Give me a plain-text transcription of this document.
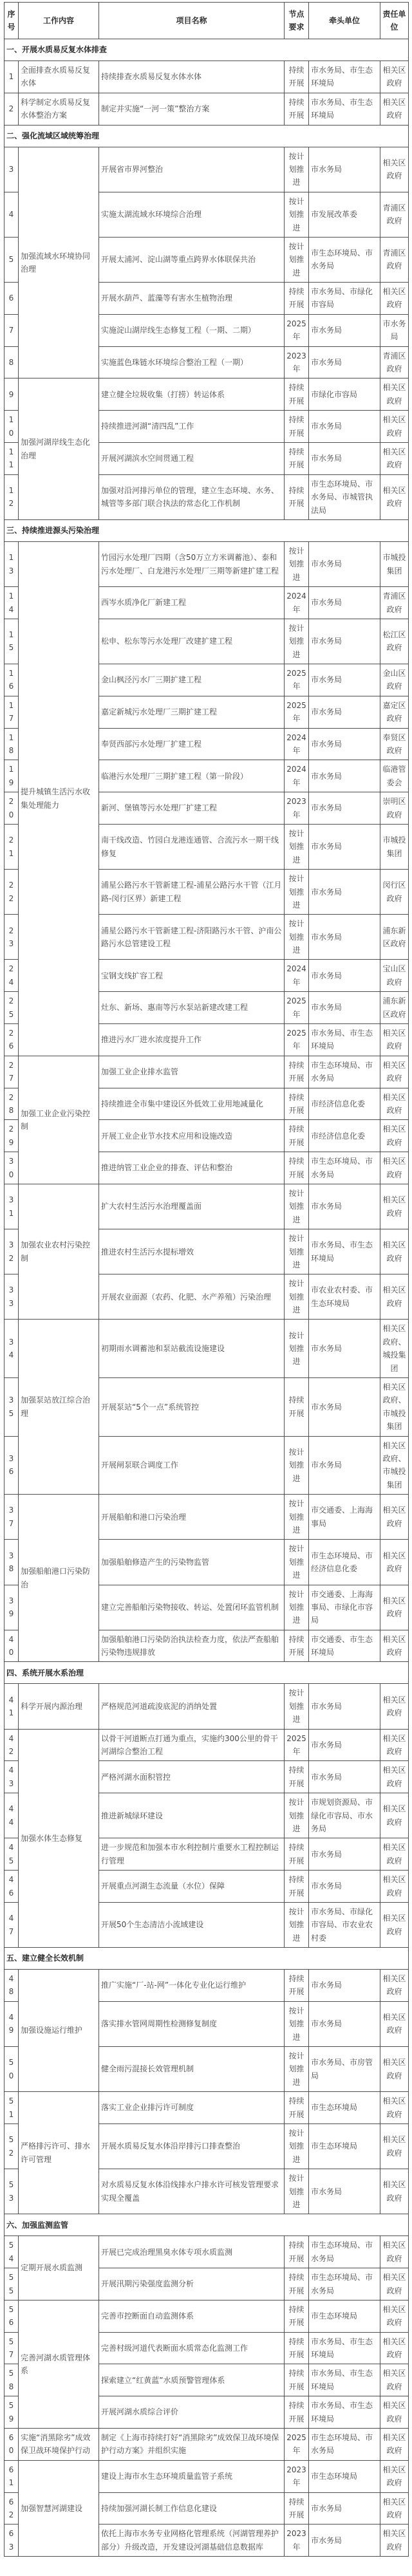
序号	工作内容	项目名称	节点要求	牵头单位	责任单位
一、开展水质易反复水体排查					
1	全面排查水质易反复水体	持续排查水质易反复水体水体	持续开展	市水务局、市生态环境局	相关区政府
2	科学制定水质易反复水体整治方案	制定并实施“一河一策”整治方案	持续开展	市水务局、市生态环境局	相关区政府
二、强化流域区域统筹治理					
3	加强流域水环境协同治理	开展省市界河整治	按计划推进	市水务局	相关区政府
4		实施太湖流域水环境综合治理	按计划推进	市发展改革委	青浦区政府
5		开展太浦河、淀山湖等重点跨界水体联保共治	按计划推进	市生态环境局、市水务局	青浦区政府
6		开展水葫芦、蓝藻等有害水生植物治理	持续开展	市水务局、市绿化市容局	相关区政府
7		实施淀山湖岸线生态修复工程（一期、二期）	2025年	市水务局	市水务局
8		实施蓝色珠链水环境综合整治工程（一期）	2023年	市水务局	青浦区政府
9	加强河湖岸线生态化治理	建立健全垃圾收集（打捞）转运体系	持续开展	市绿化市容局	相关区政府
10		持续推进河湖“清四乱”工作	持续开展	市水务局	相关区政府
11		开展河湖滨水空间贯通工程	持续开展	市水务局	相关区政府
12		加强对沿河排污单位的管理，建立生态环境、水务、城管等多部门联合执法的常态化工作机制	持续开展	市生态环境局、市水务局、市城管执法局	相关区政府
三、持续推进源头污染治理					
13	提升城镇生活污水收集处理能力	竹园污水处理厂四期（含50万立方米调蓄池）、泰和污水处理厂、白龙港污水处理厂三期等新建扩建工程	按计划推进	市水务局	市城投集团
14		西岑水质净化厂新建工程	2024年	市水务局	青浦区政府
15		松申、松东等污水处理厂改建扩建工程	按计划推进	市水务局	松江区政府
16		金山枫泾污水厂三期扩建工程	2025年	市水务局	金山区政府
17		嘉定新城污水处理厂三期扩建工程	2025年	市水务局	嘉定区政府
18		奉贤西部污水处理厂扩建工程	2024年	市水务局	奉贤区政府
19		临港污水处理厂三期扩建工程（第一阶段）	2024年	市水务局	临港管委会
20		新河、堡镇等污水处理厂扩建工程	2023年	市水务局	崇明区政府
21		南干线改造、竹园白龙港连通管、合流污水一期干线修复	按计划推进	市水务局	市城投集团
22		浦星公路污水干管新建工程-浦星公路污水干管（江月路-闵行区界）新建工程	按计划推进	市水务局	闵行区政府
23		浦星公路污水干管新建工程-济阳路污水干管、沪南公路污水总管建设工程	按计划推进	市水务局	浦东新区政府
24		宝钢支线扩容工程	2024年	市水务局	宝山区政府
25		灶东、新场、惠南等污水泵站新建改建工程	2025年	市水务局	浦东新区政府
26		推进污水厂进水浓度提升工作	2025年	市水务局、市生态环境局	相关区政府
27	加强工业企业污染控制	加强工业企业排水监管	持续开展	市生态环境局、市水务局	相关区政府
28		持续推进全市集中建设区外低效工业用地减量化	持续开展	市经济信息化委	相关区政府
29		开展工业企业节水技术应用和设施改造	持续开展	市经济信息化委	相关区政府
30		推进纳管工业企业的排查、评估和整治	持续开展	市生态环境局、市水务局	相关区政府
31	加强农业农村污染控制	扩大农村生活污水治理覆盖面	按计划推进	市水务局	相关区政府
32		推进农村生活污水提标增效	按计划推进	市水务局、市生态环境局	相关区政府
33		开展农业面源（农药、化肥、水产养殖）污染治理	按计划推进	市农业农村委、市生态环境局	相关区政府
34	加强泵站放江综合治理	初期雨水调蓄池和泵站截流设施建设	按计划推进	市水务局	相关区政府、城投集团
35		开展泵站“5个一点”系统管控	持续开展	市水务局	相关区政府、市城投集团
36		开展闸泵联合调度工作	按计划推进	市水务局	相关区政府、市城投集团
37	加强船舶港口污染防治	开展船舶和港口污染治理	按计划推进	市交通委、上海海事局	相关区政府
38		加强船舶修造产生的污染物监管	按计划推进	市生态环境局、市经济信息化委	相关区政府
39		建立完善船舶污染物接收、转运、处置闭环监管机制	按计划推进	市交通委、上海海事局、市绿化市容局	相关区政府
40		加强船舶港口污染防治执法检查力度，依法严查船舶污染物违规排放	持续开展	市交通委、市生态环境局	相关区政府
四、系统开展水系治理					
41	科学开展内源治理	严格规范河道疏浚底泥的消纳处置	按计划推进	市水务局	相关区政府
42	加强水体生态修复	以骨干河道断点打通为重点，实施约300公里的骨干河湖综合整治工程	2025年	市水务局	相关区政府
43		严格河湖水面积管控	持续开展	市水务局	相关区政府
44		推进新城绿环建设	按计划推进	市规划资源局、市绿化市容局、市水务局	相关区政府
45		进一步规范和加强本市水利控制片重要水工程控制运行管理	持续开展	市水务局	相关区政府
46		开展重点河湖生态流量（水位）保障	持续开展	市水务局	相关区政府
47		开展50个生态清洁小流域建设	按计划推进	市水务局、市绿化市容局、市农业农村委	相关区政府
五、建立健全长效机制					
48	加强设施运行维护	推广实施“厂-站-网”一体化专业化运行维护	持续开展	市水务局	相关区政府
49		落实排水管网周期性检测修复制度	按计划推进	市水务局	相关区政府
50		健全雨污混接长效管理机制	按计划推进	市水务局、市房管局	相关区政府
51	严格排污许可、排水许可管理	落实工业企业排污许可制度	持续开展	市生态环境局	相关区政府
52		开展水质易反复水体沿岸排污口排查整治	按计划推进	市生态环境局	相关区政府
53		对水质易反复水体沿线排水户排水许可核发管理要求实现全覆盖	按计划推进	市水务局	相关区政府
六、加强监测监管					
54	定期开展水质监测	开展已完成治理黑臭水体专项水质监测	持续开展	市生态环境局、市水务局	相关区政府
55		开展汛期污染强度监测分析	持续开展	市生态环境局、市水务局	相关区政府
56	完善河湖水质管理体系	完善市控断面自动监测体系	持续开展	市生态环境局	相关区政府
57		完善村级河道代表断面水质常态化监测工作	持续开展	市水务局、市生态环境局	相关区政府
58		探索建立“红黄蓝”水质预警管理体系	持续开展	市水务局、市生态环境局	相关区政府
59		开展河湖水质综合评价	持续开展	市水务局、市生态环境局	相关区政府
60	实施“消黑除劣”成效保卫战环境保护行动	制定《上海市持续打好“消黑除劣”成效保卫战环境保护行动方案》并组织实施	2025年	市生态环境局、市水务局	相关区政府
61	加强智慧河湖建设	建设上海市水生态环境质量监管子系统	2023年	市生态环境局	相关区政府
62		持续加强河湖长制工作信息化建设	持续开展	市水务局	相关区政府
63		依托上海市水务专业网格化管理系统（河湖管理养护部分）升级改造，开发建设河湖基础信息数据库	2023年	市水务局	相关区政府
